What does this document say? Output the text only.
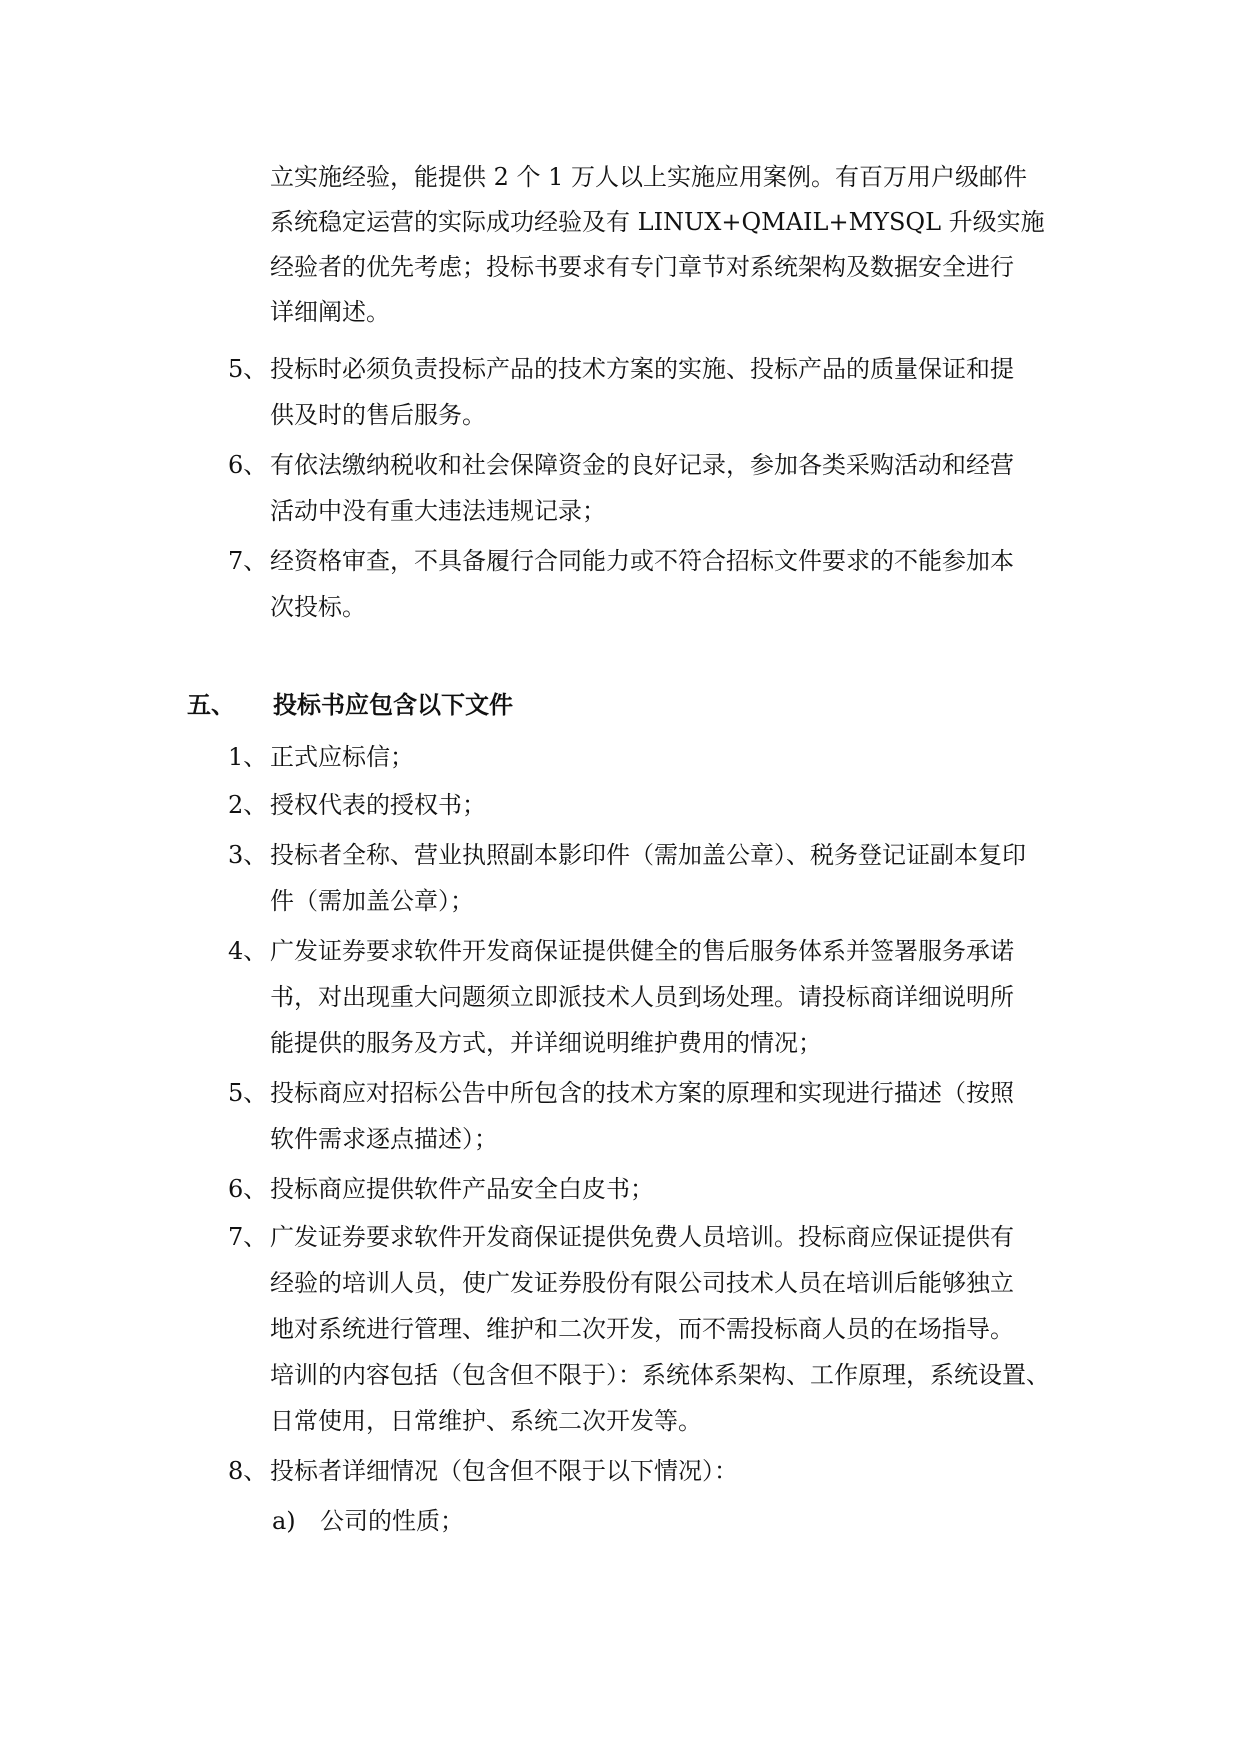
立实施经验，能提供 2 个 1 万人以上实施应用案例。有百万用户级邮件
系统稳定运营的实际成功经验及有 LINUX+QMAIL+MYSQL 升级实施
经验者的优先考虑；投标书要求有专门章节对系统架构及数据安全进行
详细阐述。
5、 投标时必须负责投标产品的技术方案的实施、投标产品的质量保证和提
供及时的售后服务。
6、 有依法缴纳税收和社会保障资金的良好记录，参加各类采购活动和经营
活动中没有重大违法违规记录；
7、 经资格审查，不具备履行合同能力或不符合招标文件要求的不能参加本
次投标。
五、 投标书应包含以下文件
1、 正式应标信；
2、 授权代表的授权书；
3、 投标者全称、营业执照副本影印件（需加盖公章）、税务登记证副本复印
件（需加盖公章）；
4、 广发证券要求软件开发商保证提供健全的售后服务体系并签署服务承诺
书，对出现重大问题须立即派技术人员到场处理。请投标商详细说明所
能提供的服务及方式，并详细说明维护费用的情况；
5、 投标商应对招标公告中所包含的技术方案的原理和实现进行描述（按照
软件需求逐点描述）；
6、 投标商应提供软件产品安全白皮书；
7、 广发证券要求软件开发商保证提供免费人员培训。投标商应保证提供有
经验的培训人员，使广发证券股份有限公司技术人员在培训后能够独立
地对系统进行管理、维护和二次开发，而不需投标商人员的在场指导。
培训的内容包括（包含但不限于）：系统体系架构、工作原理，系统设置、
日常使用，日常维护、系统二次开发等。
8、 投标者详细情况（包含但不限于以下情况）：
a) 公司的性质；
